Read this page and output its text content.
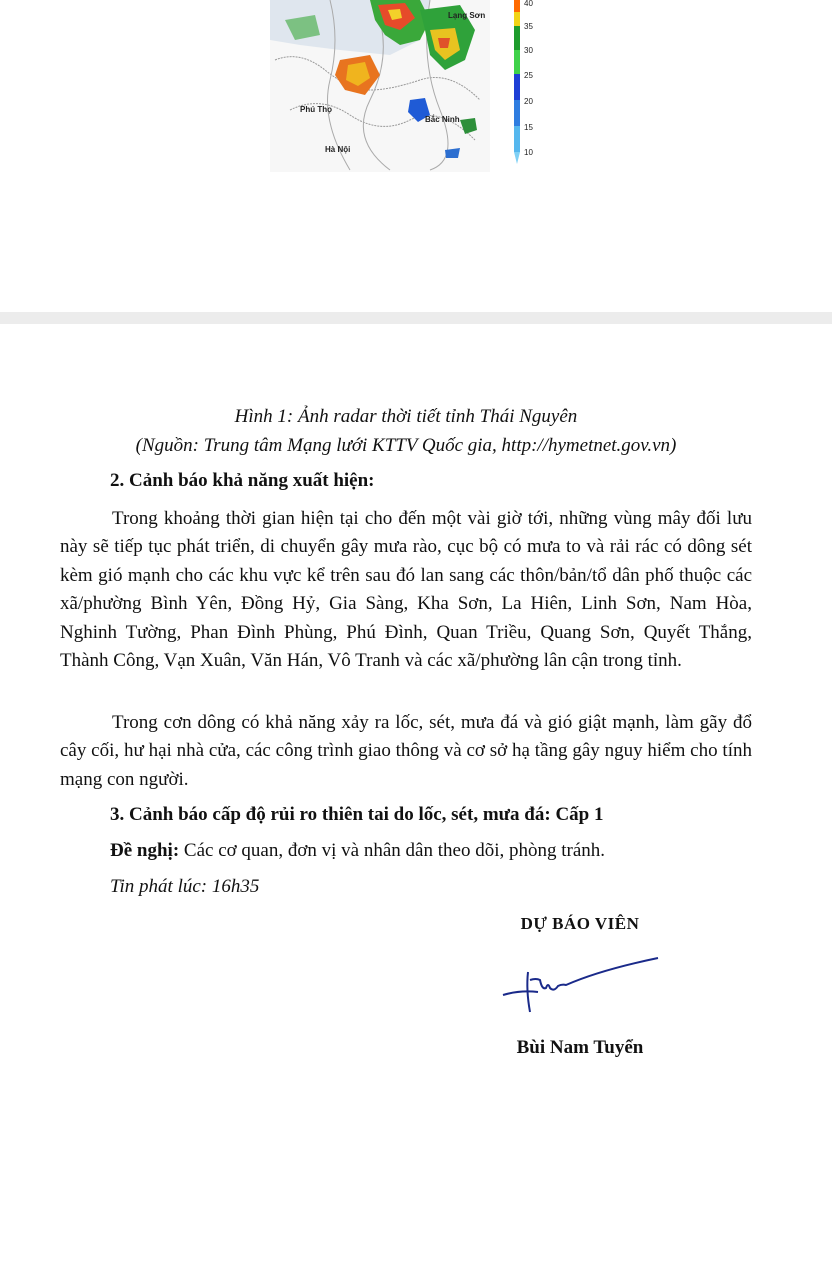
Lạng Sơn
Phú Thọ
Hà Nội
Bắc Ninh
40
35
30
25
20
15
10
Hình 1: Ảnh radar thời tiết tỉnh Thái Nguyên
(Nguồn: Trung tâm Mạng lưới KTTV Quốc gia, http://hymetnet.gov.vn)
2. Cảnh báo khả năng xuất hiện:

Trong khoảng thời gian hiện tại cho đến một vài giờ tới, những vùng mây đối lưu này sẽ tiếp tục phát triển, di chuyển gây mưa rào, cục bộ có mưa to và rải rác có dông sét kèm gió mạnh cho các khu vực kể trên sau đó lan sang các thôn/bản/tổ dân phố thuộc các xã/phường Bình Yên, Đồng Hỷ, Gia Sàng, Kha Sơn, La Hiên, Linh Sơn, Nam Hòa, Nghinh Tường, Phan Đình Phùng, Phú Đình, Quan Triều, Quang Sơn, Quyết Thắng, Thành Công, Vạn Xuân, Văn Hán, Vô Tranh và các xã/phường lân cận trong tỉnh.

Trong cơn dông có khả năng xảy ra lốc, sét, mưa đá và gió giật mạnh, làm gãy đổ cây cối, hư hại nhà cửa, các công trình giao thông và cơ sở hạ tầng gây nguy hiểm cho tính mạng con người.

3. Cảnh báo cấp độ rủi ro thiên tai do lốc, sét, mưa đá: Cấp 1
Đề nghị: Các cơ quan, đơn vị và nhân dân theo dõi, phòng tránh.
Tin phát lúc: 16h35
DỰ BÁO VIÊN
Bùi Nam Tuyển
